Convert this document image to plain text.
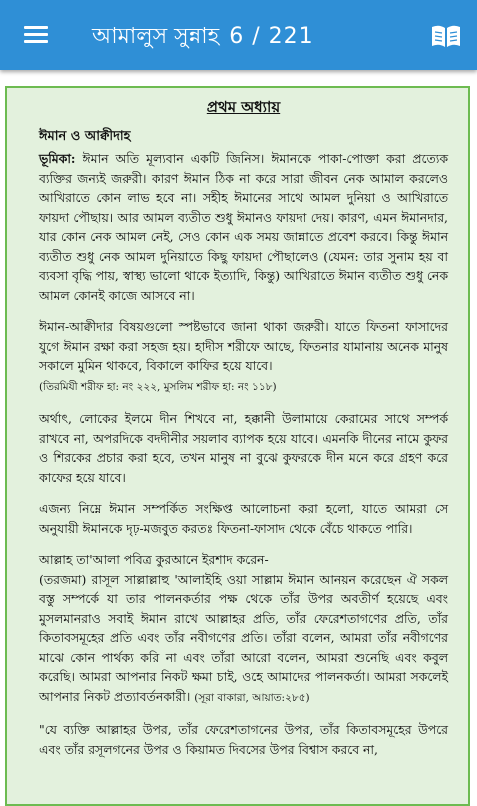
আমালুস সুন্নাহ 6 / 221
প্রথম অধ্যায়
ঈমান ও আক্বীদাহ

ভূমিকা: ঈমান অতি মূল্যবান একটি জিনিস। ঈমানকে পাকা-পোক্তা করা প্রত্যেক ব্যক্তির জন্যই জরুরী। কারণ ঈমান ঠিক না করে সারা জীবন নেক আমাল করলেও আখিরাতে কোন লাভ হবে না। সহীহ ঈমানের সাথে আমল দুনিয়া ও আখিরাতে ফায়দা পৌছায়। আর আমল ব্যতীত শুধু ঈমানও ফায়দা দেয়। কারণ, এমন ঈমানদার, যার কোন নেক আমল নেই, সেও কোন এক সময় জান্নাতে প্রবেশ করবে। কিন্তু ঈমান ব্যতীত শুধু নেক আমল দুনিয়াতে কিছু ফায়দা পৌছালেও (যেমন: তার সুনাম হয় বা ব্যবসা বৃদ্ধি পায়, স্বাস্থ্য ভালো থাকে ইত্যাদি, কিন্তু) আখিরাতে ঈমান ব্যতীত শুধু নেক আমল কোনই কাজে আসবে না।

ঈমান-আক্বীদার বিষয়গুলো স্পষ্টভাবে জানা থাকা জরুরী। যাতে ফিতনা ফাসাদের যুগে ঈমান রক্ষা করা সহজ হয়। হাদীস শরীফে আছে, ফিতনার যামানায় অনেক মানুষ সকালে মুমিন থাকবে, বিকালে কাফির হয়ে যাবে।
(তিরমিযী শরীফ হা: নং ২২২, মুসলিম শরীফ হা: নং ১১৮)

অর্থাৎ, লোকের ইলমে দীন শিখবে না, হক্কানী উলামায়ে কেরামের সাথে সম্পর্ক রাখবে না, অপরদিকে বদদীনীর সয়লাব ব্যাপক হয়ে যাবে। এমনকি দীনের নামে কুফর ও শিরকের প্রচার করা হবে, তখন মানুষ না বুঝে কুফরকে দীন মনে করে গ্রহণ করে কাফের হয়ে যাবে।

এজন্য নিম্নে ঈমান সম্পর্কিত সংক্ষিপ্ত আলোচনা করা হলো, যাতে আমরা সে অনুযায়ী ঈমানকে দৃঢ়-মজবুত করতঃ ফিতনা-ফাসাদ থেকে বেঁচে থাকতে পারি।

আল্লাহ তা'আলা পবিত্র কুরআনে ইরশাদ করেন-
(তরজমা) রাসূল সাল্লাল্লাহু 'আলাইহি ওয়া সাল্লাম ঈমান আনয়ন করেছেন ঐ সকল বস্তু সম্পর্কে যা তার পালনকর্তার পক্ষ থেকে তাঁর উপর অবতীর্ণ হয়েছে এবং মুসলমানরাও সবাই ঈমান রাখে আল্লাহর প্রতি, তাঁর ফেরেশতাগণের প্রতি, তাঁর কিতাবসমূহের প্রতি এবং তাঁর নবীগণের প্রতি। তাঁরা বলেন, আমরা তাঁর নবীগণের মাঝে কোন পার্থক্য করি না এবং তাঁরা আরো বলেন, আমরা শুনেছি এবং কবুল করেছি। আমরা আপনার নিকট ক্ষমা চাই, ওহে আমাদের পালনকর্তা। আমরা সকলেই আপনার নিকট প্রত্যাবর্তনকারী। (সূরা বাকারা, আয়াত:২৮৫)

"যে ব্যক্তি আল্লাহর উপর, তাঁর ফেরেশতাগনের উপর, তাঁর কিতাবসমূহের উপরে এবং তাঁর রসূলগনের উপর ও কিয়ামত দিবসের উপর বিশ্বাস করবে না,
